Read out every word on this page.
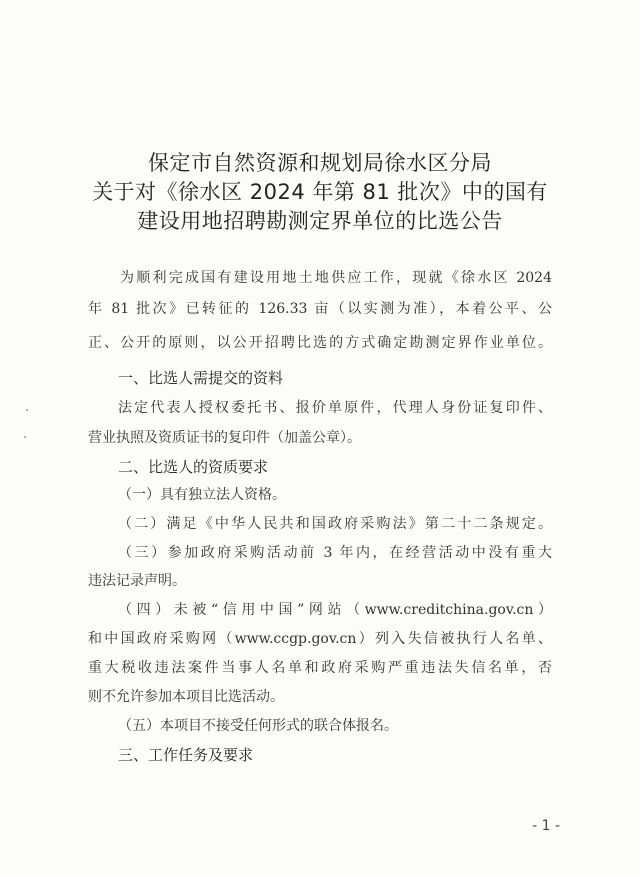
保定市自然资源和规划局徐水区分局
关于对《徐水区 2024 年第 81 批次》中的国有
建设用地招聘勘测定界单位的比选公告
为顺利完成国有建设用地土地供应工作，现就《徐水区 2024
年 81 批次》已转征的 126.33 亩（以实测为准），本着公平、公
正、公开的原则，以公开招聘比选的方式确定勘测定界作业单位。
一、比选人需提交的资料
法定代表人授权委托书、报价单原件，代理人身份证复印件、
营业执照及资质证书的复印件（加盖公章）。
二、比选人的资质要求
（一）具有独立法人资格。
（二）满足《中华人民共和国政府采购法》第二十二条规定。
（三）参加政府采购活动前 3 年内，在经营活动中没有重大
违法记录声明。
（四）未被“信用中国”网站（www.creditchina.gov.cn）
和中国政府采购网（www.ccgp.gov.cn）列入失信被执行人名单、
重大税收违法案件当事人名单和政府采购严重违法失信名单，否
则不允许参加本项目比选活动。
（五）本项目不接受任何形式的联合体报名。
三、工作任务及要求
- 1 -
